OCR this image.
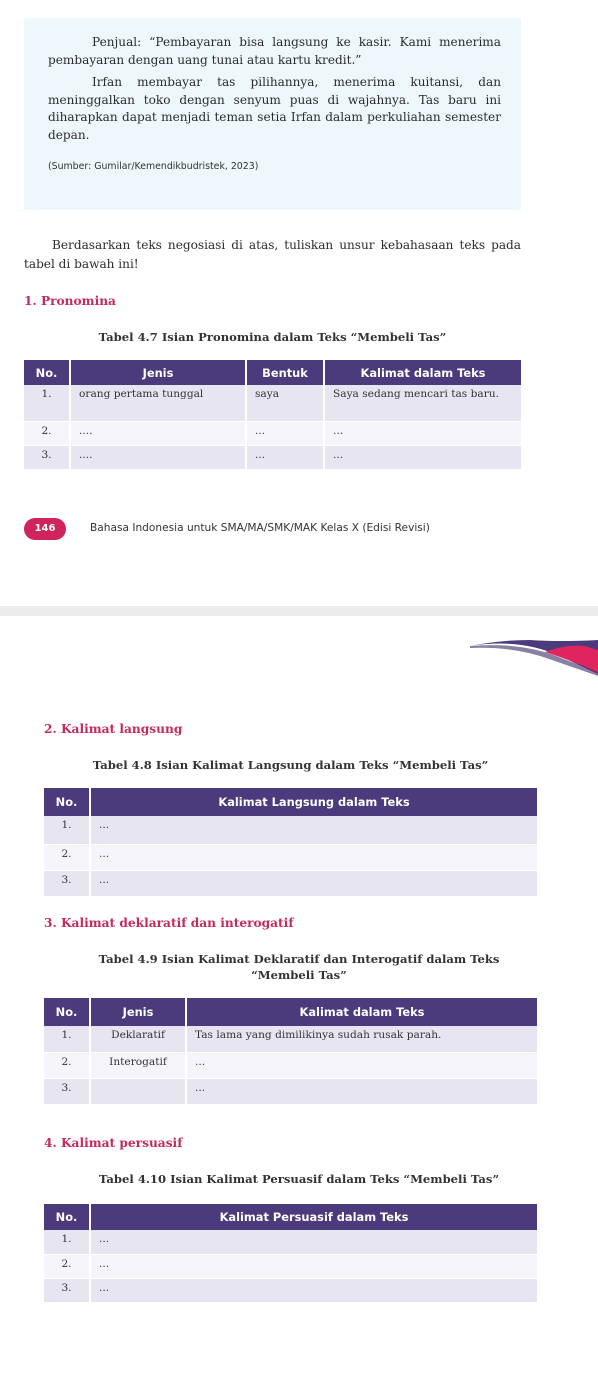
Penjual: “Pembayaran bisa langsung ke kasir. Kami menerima pembayaran dengan uang tunai atau kartu kredit.”

Irfan membayar tas pilihannya, menerima kuitansi, dan meninggalkan toko dengan senyum puas di wajahnya. Tas baru ini diharapkan dapat menjadi teman setia Irfan dalam perkuliahan semester depan.

(Sumber: Gumilar/Kemendikbudristek, 2023)
Berdasarkan teks negosiasi di atas, tuliskan unsur kebahasaan teks pada tabel di bawah ini!
1. Pronomina
Tabel 4.7 Isian Pronomina dalam Teks “Membeli Tas”
No.	Jenis	Bentuk	Kalimat dalam Teks
1.	orang pertama tunggal	saya	Saya sedang mencari tas baru.
2.	....	...	...
3.	....	...	...
146	Bahasa Indonesia untuk SMA/MA/SMK/MAK Kelas X (Edisi Revisi)
2. Kalimat langsung
Tabel 4.8 Isian Kalimat Langsung dalam Teks “Membeli Tas”
No.	Kalimat Langsung dalam Teks
1.	...
2.	...
3.	...
3. Kalimat deklaratif dan interogatif
Tabel 4.9 Isian Kalimat Deklaratif dan Interogatif dalam Teks
“Membeli Tas”
No.	Jenis	Kalimat dalam Teks
1.	Deklaratif	Tas lama yang dimilikinya sudah rusak parah.
2.	Interogatif	...
3.		...
4. Kalimat persuasif
Tabel 4.10 Isian Kalimat Persuasif dalam Teks “Membeli Tas”
No.	Kalimat Persuasif dalam Teks
1.	...
2.	...
3.	...
